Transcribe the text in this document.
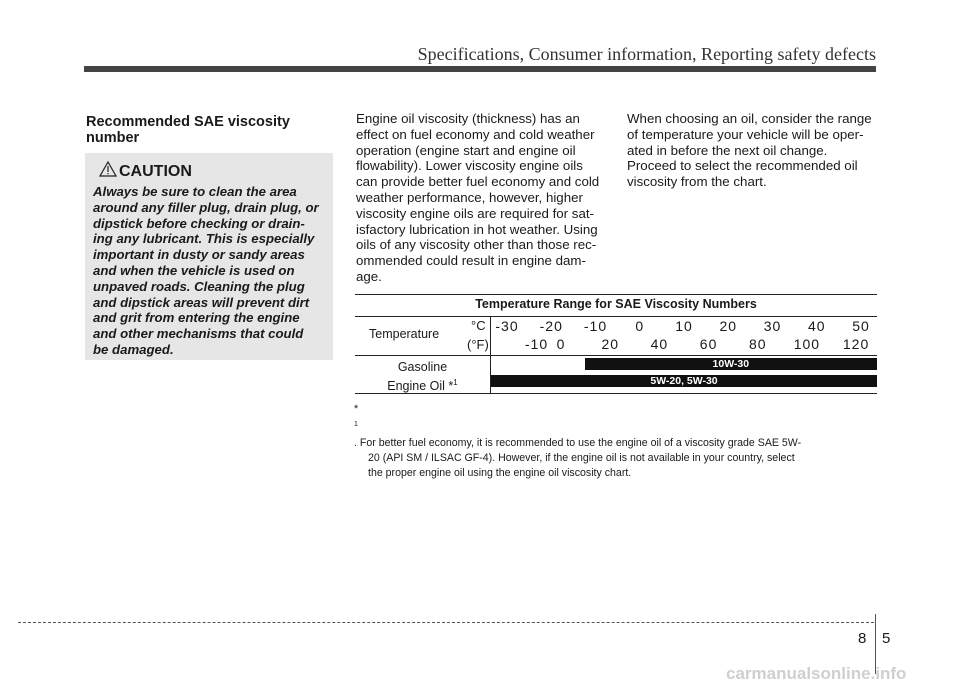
Specifications, Consumer information, Reporting safety defects
Recommended SAE viscosity
number
CAUTION
Always be sure to clean the area
around any filler plug, drain plug, or
dipstick before checking or drain-
ing any lubricant. This is especially
important in dusty or sandy areas
and when the vehicle is used on
unpaved roads. Cleaning the plug
and dipstick areas will prevent dirt
and grit from entering the engine
and other mechanisms that could
be damaged.
Engine oil viscosity (thickness) has an
effect on fuel economy and cold weather
operation (engine start and engine oil
flowability). Lower viscosity engine oils
can provide better fuel economy and cold
weather performance, however, higher
viscosity engine oils are required for sat-
isfactory lubrication in hot weather. Using
oils of any viscosity other than those rec-
ommended could result in engine dam-
age.
When choosing an oil, consider the range
of temperature your vehicle will be oper-
ated in before the next oil change.
Proceed to select the recommended oil
viscosity from the chart.
Temperature Range for SAE Viscosity Numbers
Temperature
°C
(°F)
-30 -20 -10 0 10 20 30 40 50
-10 0	20 40 60 80 100 120
Gasoline
Engine Oil *$^1$
10W-30
5W-20, 5W-30
*
$^1$
. For better fuel economy, it is recommended to use the engine oil of a viscosity grade SAE 5W-
20 (API SM / ILSAC GF-4). However, if the engine oil is not available in your country, select
the proper engine oil using the engine oil viscosity chart.
8 5
carmanualsonline.info
